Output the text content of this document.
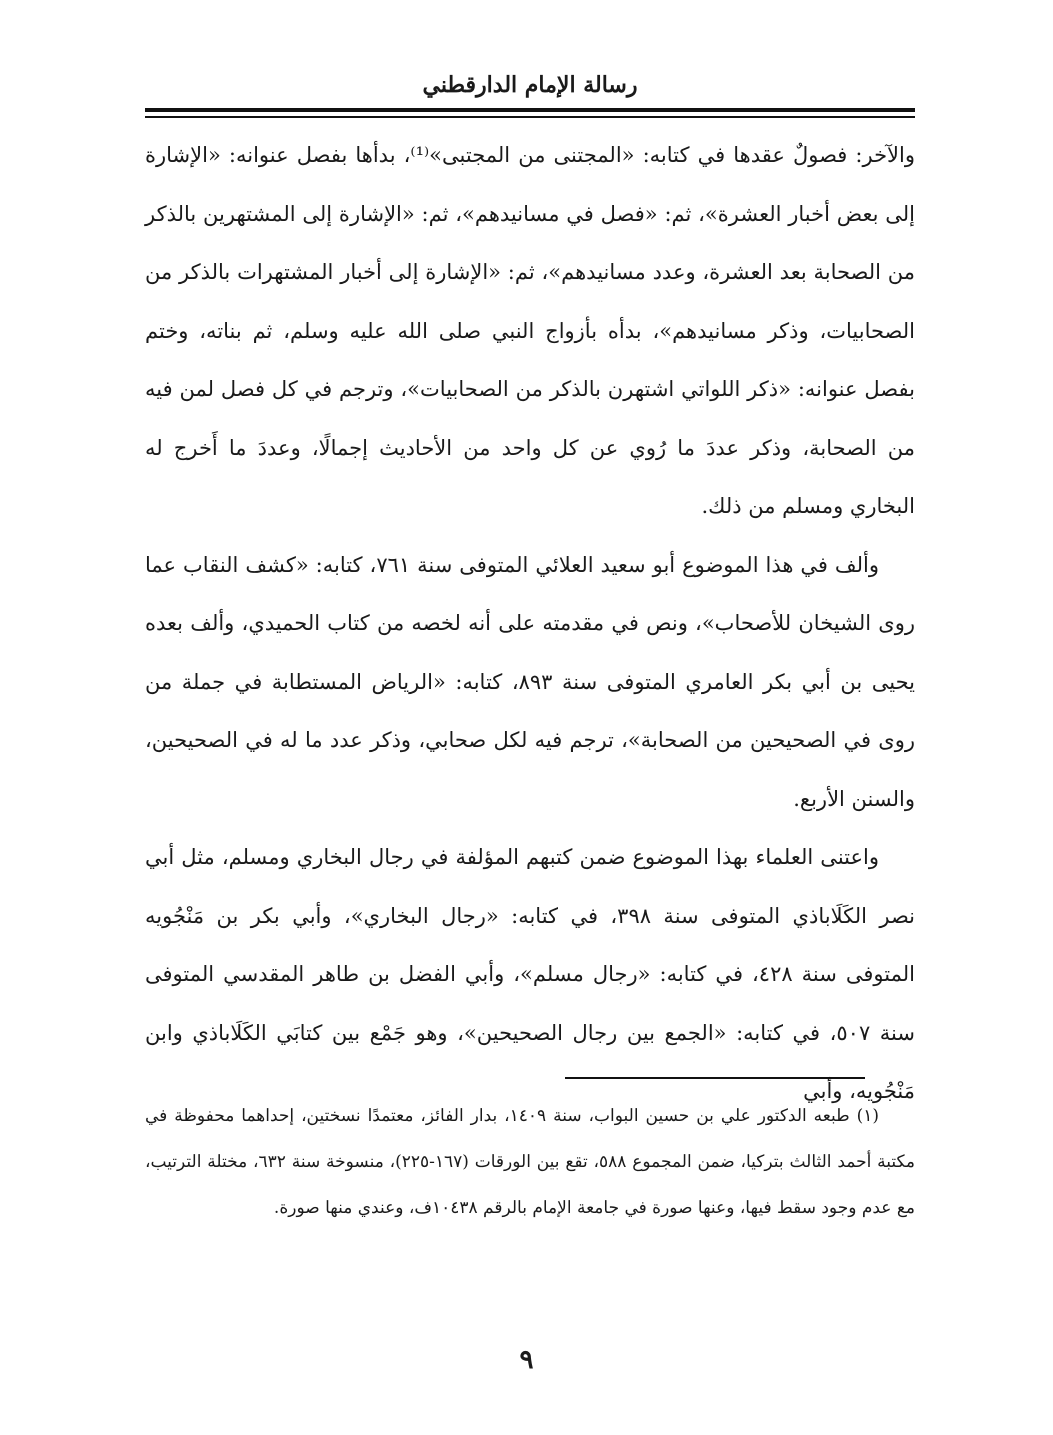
رسالة الإمام الدارقطني

والآخر: فصولٌ عقدها في كتابه: «المجتنى من المجتبى»⁽¹⁾، بدأها بفصل عنوانه: «الإشارة إلى بعض أخبار العشرة»، ثم: «فصل في مسانيدهم»، ثم: «الإشارة إلى المشتهرين بالذكر من الصحابة بعد العشرة، وعدد مسانيدهم»، ثم: «الإشارة إلى أخبار المشتهرات بالذكر من الصحابيات، وذكر مسانيدهم»، بدأه بأزواج النبي صلى الله عليه وسلم، ثم بناته، وختم بفصل عنوانه: «ذكر اللواتي اشتهرن بالذكر من الصحابيات»، وترجم في كل فصل لمن فيه من الصحابة، وذكر عددَ ما رُوي عن كل واحد من الأحاديث إجمالًا، وعددَ ما أَخرج له البخاري ومسلم من ذلك.

وألف في هذا الموضوع أبو سعيد العلائي المتوفى سنة ٧٦١، كتابه: «كشف النقاب عما روى الشيخان للأصحاب»، ونص في مقدمته على أنه لخصه من كتاب الحميدي، وألف بعده يحيى بن أبي بكر العامري المتوفى سنة ٨٩٣، كتابه: «الرياض المستطابة في جملة من روى في الصحيحين من الصحابة»، ترجم فيه لكل صحابي، وذكر عدد ما له في الصحيحين، والسنن الأربع.

واعتنى العلماء بهذا الموضوع ضمن كتبهم المؤلفة في رجال البخاري ومسلم، مثل أبي نصر الكَلَاباذي المتوفى سنة ٣٩٨، في كتابه: «رجال البخاري»، وأبي بكر بن مَنْجُويه المتوفى سنة ٤٢٨، في كتابه: «رجال مسلم»، وأبي الفضل بن طاهر المقدسي المتوفى سنة ٥٠٧، في كتابه: «الجمع بين رجال الصحيحين»، وهو جَمْع بين كتابَي الكَلَاباذي وابن مَنْجُويه، وأبي

(١) طبعه الدكتور علي بن حسين البواب، سنة ١٤٠٩، بدار الفائز، معتمدًا نسختين، إحداهما محفوظة في مكتبة أحمد الثالث بتركيا، ضمن المجموع ٥٨٨، تقع بين الورقات (١٦٧-٢٢٥)، منسوخة سنة ٦٣٢، مختلة الترتيب، مع عدم وجود سقط فيها، وعنها صورة في جامعة الإمام بالرقم ١٠٤٣٨ف، وعندي منها صورة.

٩
